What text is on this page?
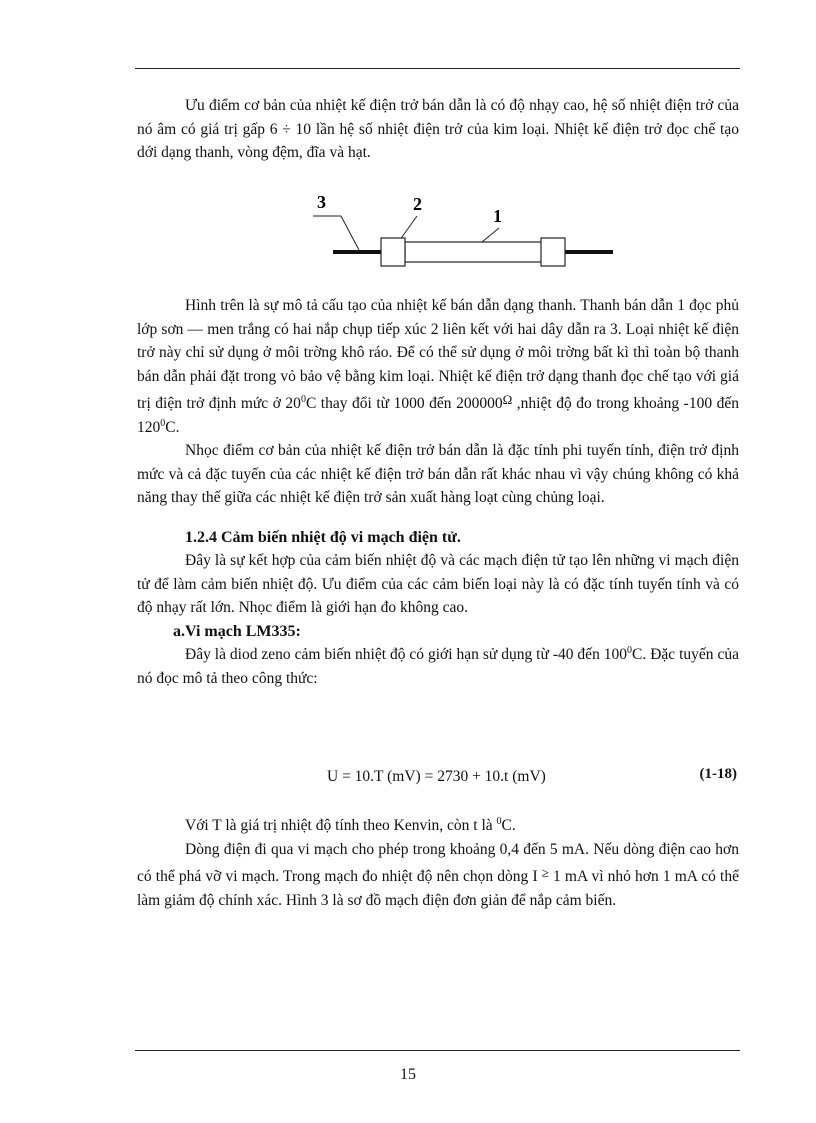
Ưu điểm cơ bản của nhiệt kế điện trở bán dẫn là có độ nhạy cao, hệ số nhiệt điện trở của nó âm có giá trị gấp 6 ÷ 10 lần hệ số nhiệt điện trở của kim loại. Nhiệt kế điện trở đọc chế tạo dới dạng thanh, vòng đệm, đĩa và hạt.

3	2
1

Hình trên là sự mô tả cấu tạo của nhiệt kế bán dẫn dạng thanh. Thanh bán dẫn 1 đọc phủ lớp sơn — men trắng có hai nắp chụp tiếp xúc 2 liên kết với hai dây dẫn ra 3. Loại nhiệt kế điện trở này chỉ sử dụng ở môi trờng khô ráo. Để có thể sử dụng ở môi trờng bất kì thì toàn bộ thanh bán dẫn phải đặt trong vỏ bảo vệ bằng kim loại. Nhiệt kế điện trở dạng thanh đọc chế tạo với giá trị điện trở định mức ở $20^0C$ thay đổi từ 1000 đến $200000^\Omega$ ,nhiệt độ đo trong khoảng -100 đến $120^0C$.

Nhọc điểm cơ bản của nhiệt kế điện trở bán dẫn là đặc tính phi tuyến tính, điện trở định mức và cả đặc tuyến của các nhiệt kế điện trở bán dẫn rất khác nhau vì vậy chúng không có khả năng thay thế giữa các nhiệt kế điện trở sản xuất hàng loạt cùng chủng loại.

1.2.4 Cảm biến nhiệt độ vi mạch điện tử.

Đây là sự kết hợp của cảm biến nhiệt độ và các mạch điện tử tạo lên những vi mạch điện tử để làm cảm biến nhiệt độ. Ưu điểm của các cảm biến loại này là có đặc tính tuyến tính và có độ nhạy rất lớn. Nhọc điểm là giới hạn đo không cao.

a.Vi mạch LM335:

Đây là diod zeno cảm biến nhiệt độ có giới hạn sử dụng từ -40 đến $100^0C$. Đặc tuyến của nó đọc mô tả theo công thức:

U = 10.T (mV) = 2730 + 10.t (mV)	(1-18)

Với T là giá trị nhiệt độ tính theo Kenvin, còn t là $^0$C.

Dòng điện đi qua vi mạch cho phép trong khoảng 0,4 đến 5 mA. Nếu dòng điện cao hơn có thể phá vỡ vi mạch. Trong mạch đo nhiệt độ nên chọn dòng I ≥ 1 mA vì nhỏ hơn 1 mA có thể làm giảm độ chính xác. Hình 3 là sơ đồ mạch điện đơn giản để nắp cảm biến.

15
